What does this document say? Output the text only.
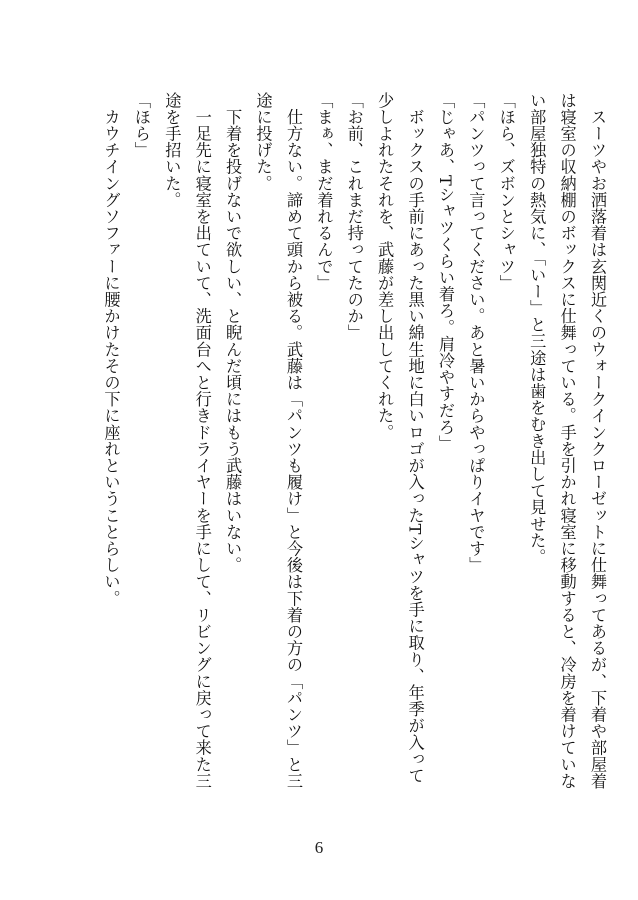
　スーツやお洒落着は玄関近くのウォークインクローゼットに仕舞ってあるが、下着や部屋着
は寝室の収納棚のボックスに仕舞っている。手を引かれ寝室に移動すると、冷房を着けていな
い部屋独特の熱気に、「いー」と三途は歯をむき出して見せた。
「ほら、ズボンとシャツ」
「パンツって言ってください。あと暑いからやっぱりイヤです」
「じゃあ、Tシャツくらい着ろ。肩冷やすだろ」
　ボックスの手前にあった黒い綿生地に白いロゴが入ったTシャツを手に取り、年季が入って
少しよれたそれを、武藤が差し出してくれた。
「お前、これまだ持ってたのか」
「まぁ、まだ着れるんで」
　仕方ない。諦めて頭から被る。武藤は「パンツも履け」と今後は下着の方の「パンツ」と三
途に投げた。
　下着を投げないで欲しい、と睨んだ頃にはもう武藤はいない。
　一足先に寝室を出ていて、洗面台へと行きドライヤーを手にして、リビングに戻って来た三
途を手招いた。
「ほら」
　カウチイングソファーに腰かけたその下に座れということらしい。
6
